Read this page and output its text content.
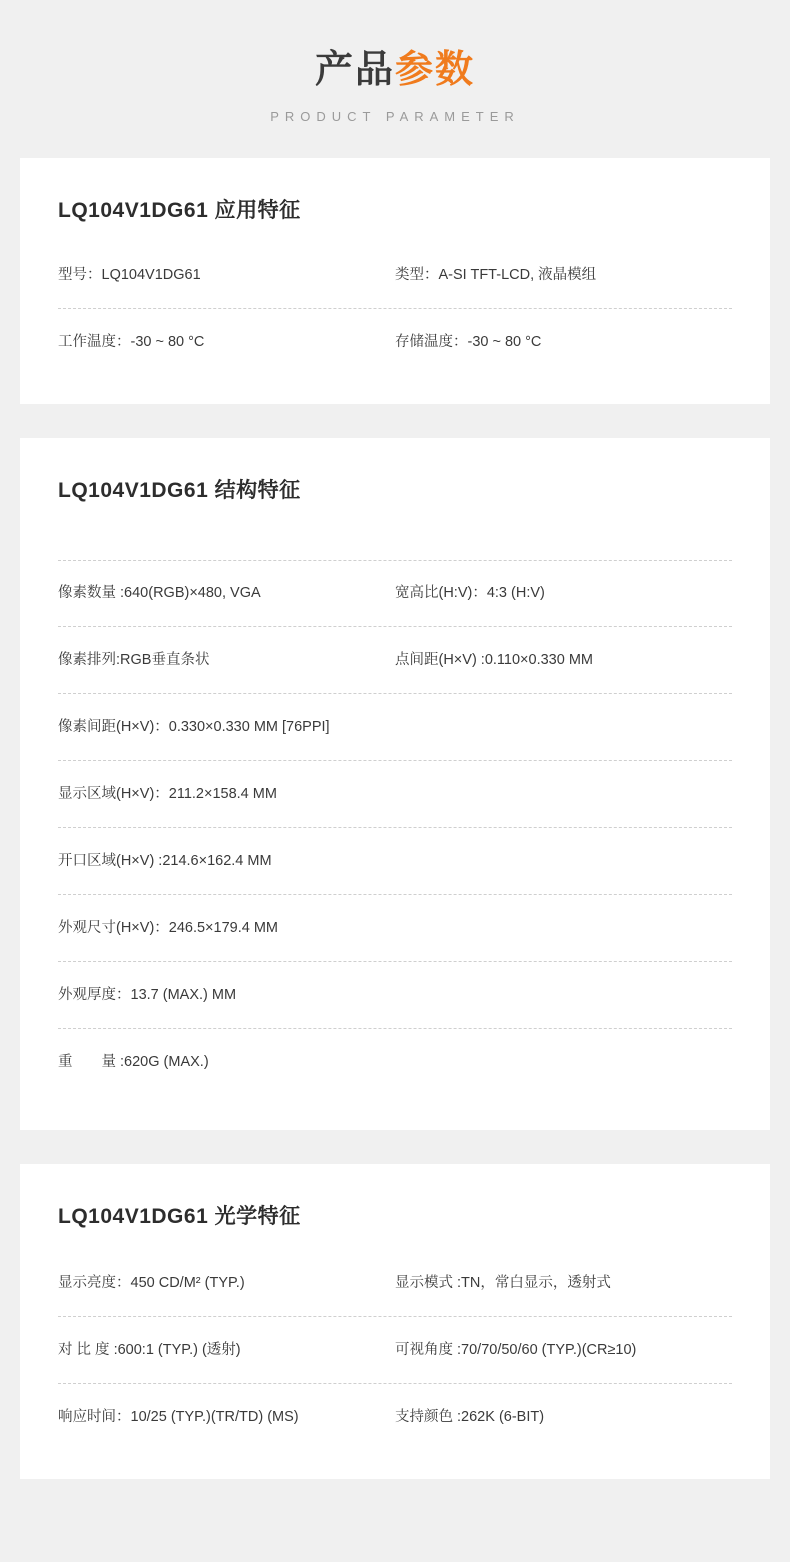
产品参数
PRODUCT PARAMETER
LQ104V1DG61 应用特征
型号：LQ104V1DG61	类型：A-SI TFT-LCD, 液晶模组
工作温度：-30 ~ 80 °C	存储温度：-30 ~ 80 °C
LQ104V1DG61 结构特征
像素数量 :640(RGB)×480, VGA	宽高比(H:V)：4:3 (H:V)
像素排列:RGB垂直条状	点间距(H×V) :0.110×0.330 MM
像素间距(H×V)：0.330×0.330 MM [76PPI]
显示区域(H×V)：211.2×158.4 MM
开口区域(H×V) :214.6×162.4 MM
外观尺寸(H×V)：246.5×179.4 MM
外观厚度：13.7 (MAX.) MM
重　　量 :620G (MAX.)
LQ104V1DG61 光学特征
显示亮度：450 CD/M² (TYP.)	显示模式 :TN，常白显示，透射式
对 比 度 :600:1 (TYP.) (透射)	可视角度 :70/70/50/60 (TYP.)(CR≥10)
响应时间：10/25 (TYP.)(TR/TD) (MS)	支持颜色 :262K (6-BIT)
